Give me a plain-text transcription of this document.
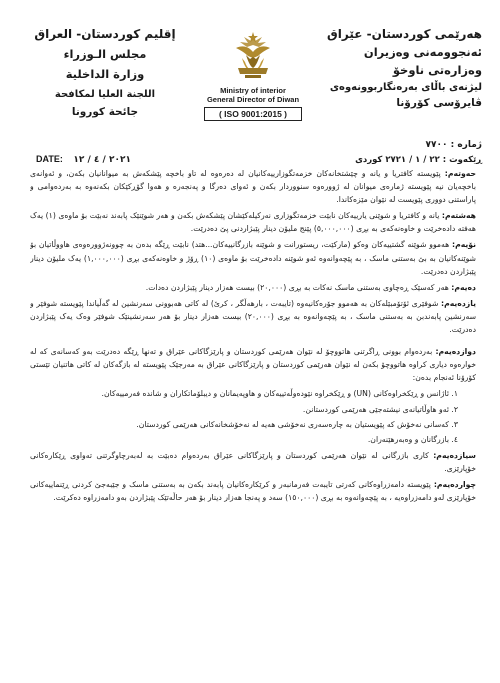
هەرێمی کوردستان- عێراق
ئەنجوومەنی وەزیران
وەزارەتی ناوخۆ
لیژنەی باڵای بەرەنگاربوونەوەی
ڤایرۆسی کۆرۆنا
إقليم كوردستان- العراق
مجلس الـوزراء
وزارة الداخلية
اللجنة العليا لمكافحة
جائحة كورونا
Ministry of interior
General Director of Diwan
( ISO 9001:2015 )
ژمارە : ٧٧٠٠
ڕێکەوت : ٢٢ / ١ / ٢٧٢١ کوردی
DATE: ٢٠٢١ / ٤ / ١٢

حەوتەم: پێویستە کافتریا و یانە و چێشتخانەکان خزمەتگوزارییەکانیان لە دەرەوە لە تاو باخچە پێشکەش بە میوانانیان بکەن، و ئەوانەی باخچەیان نیە پێویستە ژمارەی میوانان لە ژوورەوە سنووردار بکەن و ئەوای دەرگا و پەنجەرە و هەوا گۆڕکێکان بکەنەوە بە بەردەوامی و پاراستنی دووری پێویست لە نێوان مێزەکاندا.

هەشتەم: یانە و کافتریا و شوێنی یارییەکان نابێت خزمەتگوزاری نەرکیلەکێشان پێشکەش بکەن و هەر شوێنێک پابەند نەبێت بۆ ماوەی (١) یەک هەفتە دادەخرێت و خاوەنەکەی بە بڕی (٥,٠٠٠,٠٠٠) پێنج ملیۆن دینار پێبژاردنی پێ دەدرێت.

نۆیەم: هەموو شوێنە گشتییەکان وەکو (مارکێت، ریستورانت و شوێنە بازرگانییەکان...هتد) نابێت ڕێگە بدەن بە چوونەژوورەوەی هاووڵاتیان بۆ شوێنەکانیان بە بێ بەستنی ماسک ، بە پێچەوانەوە ئەو شوێنە دادەخرێت بۆ ماوەی (١٠) ڕۆژ و خاوەنەکەی بڕی (١,٠٠٠,٠٠٠) یەک ملیۆن دینار پێبژاردن دەدرێت.

دەیەم: هەر کەسێک ڕەچاوی بەستنی ماسک نەکات بە بڕی (٢٠,٠٠٠) بیست هەزار دینار پێبژاردن دەدات.

یازدەیەم: شوفێری ئۆتۆمبێلەکان بە هەموو جۆرەکانیەوە (تایبەت ، بارهەڵگر ، کرێ) لە کاتی هەبوونی سەرنشین لە گەڵیاندا پێویستە شوفێر و سەرنشین پابەندبن بە بەستنی ماسک ، بە پێچەوانەوە بە بڕی (٢٠,٠٠٠) بیست هەزار دینار بۆ هەر سەرنشینێک شوفێر وەک یەک پێبژاردن دەدرێت.

دوازدەیەم: بەردەوام بوونی ڕاگرتنی هاتووچۆ لە نێوان هەرێمی کوردستان و پارێزگاکانی عێراق و تەنها ڕێگە دەدرێت بەو کەسانەی کە لە خوارەوە دیاری کراوە هاتووچۆ بکەن لە نێوان هەرێمی کوردستان و پارێزگاکانی عێراق بە مەرجێک پێویستە لە بازگەکان لە کاتی هاتنیان تێستی کۆرۆنا ئەنجام بدەن:

١. ئاژانس و ڕێکخراوەکانی (UN) و ڕێکخراوە نێودەوڵەتییەکان و هاوپەیمانان و دیبلۆماتکاران و شاندە فەرمییەکان.
٢. ئەو هاوڵاتیانەی نیشتەجێی هەرێمی کوردستانن.
٣. کەسانی نەخۆش کە پێویستیان بە چارەسەری نەخۆشی هەیە لە نەخۆشخانەکانی هەرێمی کوردستان.
٤. بازرگانان و وەبەرهێنەران.

سیازدەیەم: کاری بازرگانی لە نێوان هەرێمی کوردستان و پارێزگاکانی عێراق بەردەوام دەبێت بە لەبەرچاوگرتنی تەواوی ڕێکارەکانی خۆپارێزی.

چواردەیەم: پێویستە دامەزراوەکانی کەرتی تایبەت فەرمانبەر و کرێکارەکانیان پابەند بکەن بە بەستنی ماسک و جێبەجێ کردنی ڕێنماییەکانی خۆپارێزی لەو دامەزراوەیە ، بە پێچەوانەوە بە بڕی (١٥٠,٠٠٠) سەد و پەنجا هەزار دینار بۆ هەر حاڵەتێک پێبژاردن بەو دامەزراوە دەکرێت.
